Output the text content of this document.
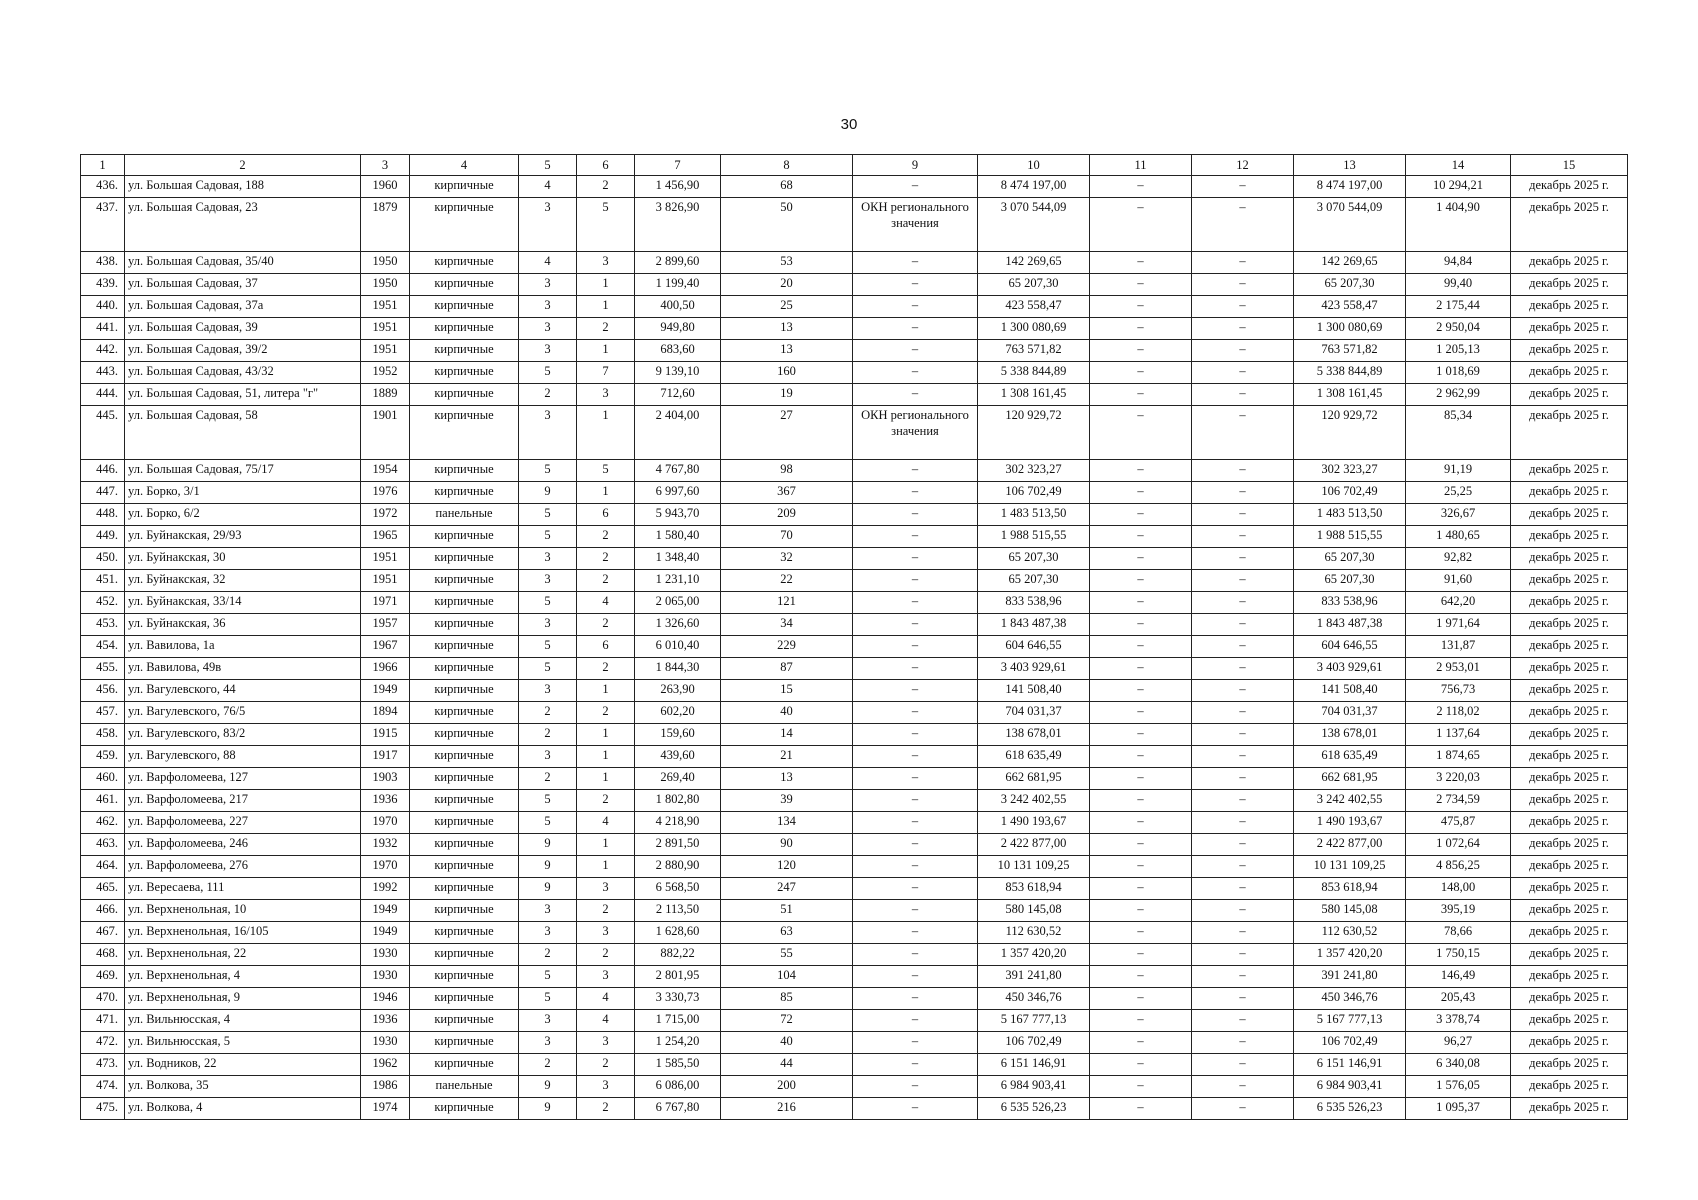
30
1	2	3	4	5	6	7	8	9	10	11	12	13	14	15
436.	ул. Большая Садовая, 188	1960	кирпичные	4	2	1 456,90	68	–	8 474 197,00	–	–	8 474 197,00	10 294,21	декабрь 2025 г.
437.	ул. Большая Садовая, 23	1879	кирпичные	3	5	3 826,90	50	ОКН регионального значения	3 070 544,09	–	–	3 070 544,09	1 404,90	декабрь 2025 г.
438.	ул. Большая Садовая, 35/40	1950	кирпичные	4	3	2 899,60	53	–	142 269,65	–	–	142 269,65	94,84	декабрь 2025 г.
439.	ул. Большая Садовая, 37	1950	кирпичные	3	1	1 199,40	20	–	65 207,30	–	–	65 207,30	99,40	декабрь 2025 г.
440.	ул. Большая Садовая, 37а	1951	кирпичные	3	1	400,50	25	–	423 558,47	–	–	423 558,47	2 175,44	декабрь 2025 г.
441.	ул. Большая Садовая, 39	1951	кирпичные	3	2	949,80	13	–	1 300 080,69	–	–	1 300 080,69	2 950,04	декабрь 2025 г.
442.	ул. Большая Садовая, 39/2	1951	кирпичные	3	1	683,60	13	–	763 571,82	–	–	763 571,82	1 205,13	декабрь 2025 г.
443.	ул. Большая Садовая, 43/32	1952	кирпичные	5	7	9 139,10	160	–	5 338 844,89	–	–	5 338 844,89	1 018,69	декабрь 2025 г.
444.	ул. Большая Садовая, 51, литера "г"	1889	кирпичные	2	3	712,60	19	–	1 308 161,45	–	–	1 308 161,45	2 962,99	декабрь 2025 г.
445.	ул. Большая Садовая, 58	1901	кирпичные	3	1	2 404,00	27	ОКН регионального значения	120 929,72	–	–	120 929,72	85,34	декабрь 2025 г.
446.	ул. Большая Садовая, 75/17	1954	кирпичные	5	5	4 767,80	98	–	302 323,27	–	–	302 323,27	91,19	декабрь 2025 г.
447.	ул. Борко, 3/1	1976	кирпичные	9	1	6 997,60	367	–	106 702,49	–	–	106 702,49	25,25	декабрь 2025 г.
448.	ул. Борко, 6/2	1972	панельные	5	6	5 943,70	209	–	1 483 513,50	–	–	1 483 513,50	326,67	декабрь 2025 г.
449.	ул. Буйнакская, 29/93	1965	кирпичные	5	2	1 580,40	70	–	1 988 515,55	–	–	1 988 515,55	1 480,65	декабрь 2025 г.
450.	ул. Буйнакская, 30	1951	кирпичные	3	2	1 348,40	32	–	65 207,30	–	–	65 207,30	92,82	декабрь 2025 г.
451.	ул. Буйнакская, 32	1951	кирпичные	3	2	1 231,10	22	–	65 207,30	–	–	65 207,30	91,60	декабрь 2025 г.
452.	ул. Буйнакская, 33/14	1971	кирпичные	5	4	2 065,00	121	–	833 538,96	–	–	833 538,96	642,20	декабрь 2025 г.
453.	ул. Буйнакская, 36	1957	кирпичные	3	2	1 326,60	34	–	1 843 487,38	–	–	1 843 487,38	1 971,64	декабрь 2025 г.
454.	ул. Вавилова, 1а	1967	кирпичные	5	6	6 010,40	229	–	604 646,55	–	–	604 646,55	131,87	декабрь 2025 г.
455.	ул. Вавилова, 49в	1966	кирпичные	5	2	1 844,30	87	–	3 403 929,61	–	–	3 403 929,61	2 953,01	декабрь 2025 г.
456.	ул. Вагулевского, 44	1949	кирпичные	3	1	263,90	15	–	141 508,40	–	–	141 508,40	756,73	декабрь 2025 г.
457.	ул. Вагулевского, 76/5	1894	кирпичные	2	2	602,20	40	–	704 031,37	–	–	704 031,37	2 118,02	декабрь 2025 г.
458.	ул. Вагулевского, 83/2	1915	кирпичные	2	1	159,60	14	–	138 678,01	–	–	138 678,01	1 137,64	декабрь 2025 г.
459.	ул. Вагулевского, 88	1917	кирпичные	3	1	439,60	21	–	618 635,49	–	–	618 635,49	1 874,65	декабрь 2025 г.
460.	ул. Варфоломеева, 127	1903	кирпичные	2	1	269,40	13	–	662 681,95	–	–	662 681,95	3 220,03	декабрь 2025 г.
461.	ул. Варфоломеева, 217	1936	кирпичные	5	2	1 802,80	39	–	3 242 402,55	–	–	3 242 402,55	2 734,59	декабрь 2025 г.
462.	ул. Варфоломеева, 227	1970	кирпичные	5	4	4 218,90	134	–	1 490 193,67	–	–	1 490 193,67	475,87	декабрь 2025 г.
463.	ул. Варфоломеева, 246	1932	кирпичные	9	1	2 891,50	90	–	2 422 877,00	–	–	2 422 877,00	1 072,64	декабрь 2025 г.
464.	ул. Варфоломеева, 276	1970	кирпичные	9	1	2 880,90	120	–	10 131 109,25	–	–	10 131 109,25	4 856,25	декабрь 2025 г.
465.	ул. Вересаева, 111	1992	кирпичные	9	3	6 568,50	247	–	853 618,94	–	–	853 618,94	148,00	декабрь 2025 г.
466.	ул. Верхненольная, 10	1949	кирпичные	3	2	2 113,50	51	–	580 145,08	–	–	580 145,08	395,19	декабрь 2025 г.
467.	ул. Верхненольная, 16/105	1949	кирпичные	3	3	1 628,60	63	–	112 630,52	–	–	112 630,52	78,66	декабрь 2025 г.
468.	ул. Верхненольная, 22	1930	кирпичные	2	2	882,22	55	–	1 357 420,20	–	–	1 357 420,20	1 750,15	декабрь 2025 г.
469.	ул. Верхненольная, 4	1930	кирпичные	5	3	2 801,95	104	–	391 241,80	–	–	391 241,80	146,49	декабрь 2025 г.
470.	ул. Верхненольная, 9	1946	кирпичные	5	4	3 330,73	85	–	450 346,76	–	–	450 346,76	205,43	декабрь 2025 г.
471.	ул. Вильнюсская, 4	1936	кирпичные	3	4	1 715,00	72	–	5 167 777,13	–	–	5 167 777,13	3 378,74	декабрь 2025 г.
472.	ул. Вильнюсская, 5	1930	кирпичные	3	3	1 254,20	40	–	106 702,49	–	–	106 702,49	96,27	декабрь 2025 г.
473.	ул. Водников, 22	1962	кирпичные	2	2	1 585,50	44	–	6 151 146,91	–	–	6 151 146,91	6 340,08	декабрь 2025 г.
474.	ул. Волкова, 35	1986	панельные	9	3	6 086,00	200	–	6 984 903,41	–	–	6 984 903,41	1 576,05	декабрь 2025 г.
475.	ул. Волкова, 4	1974	кирпичные	9	2	6 767,80	216	–	6 535 526,23	–	–	6 535 526,23	1 095,37	декабрь 2025 г.
